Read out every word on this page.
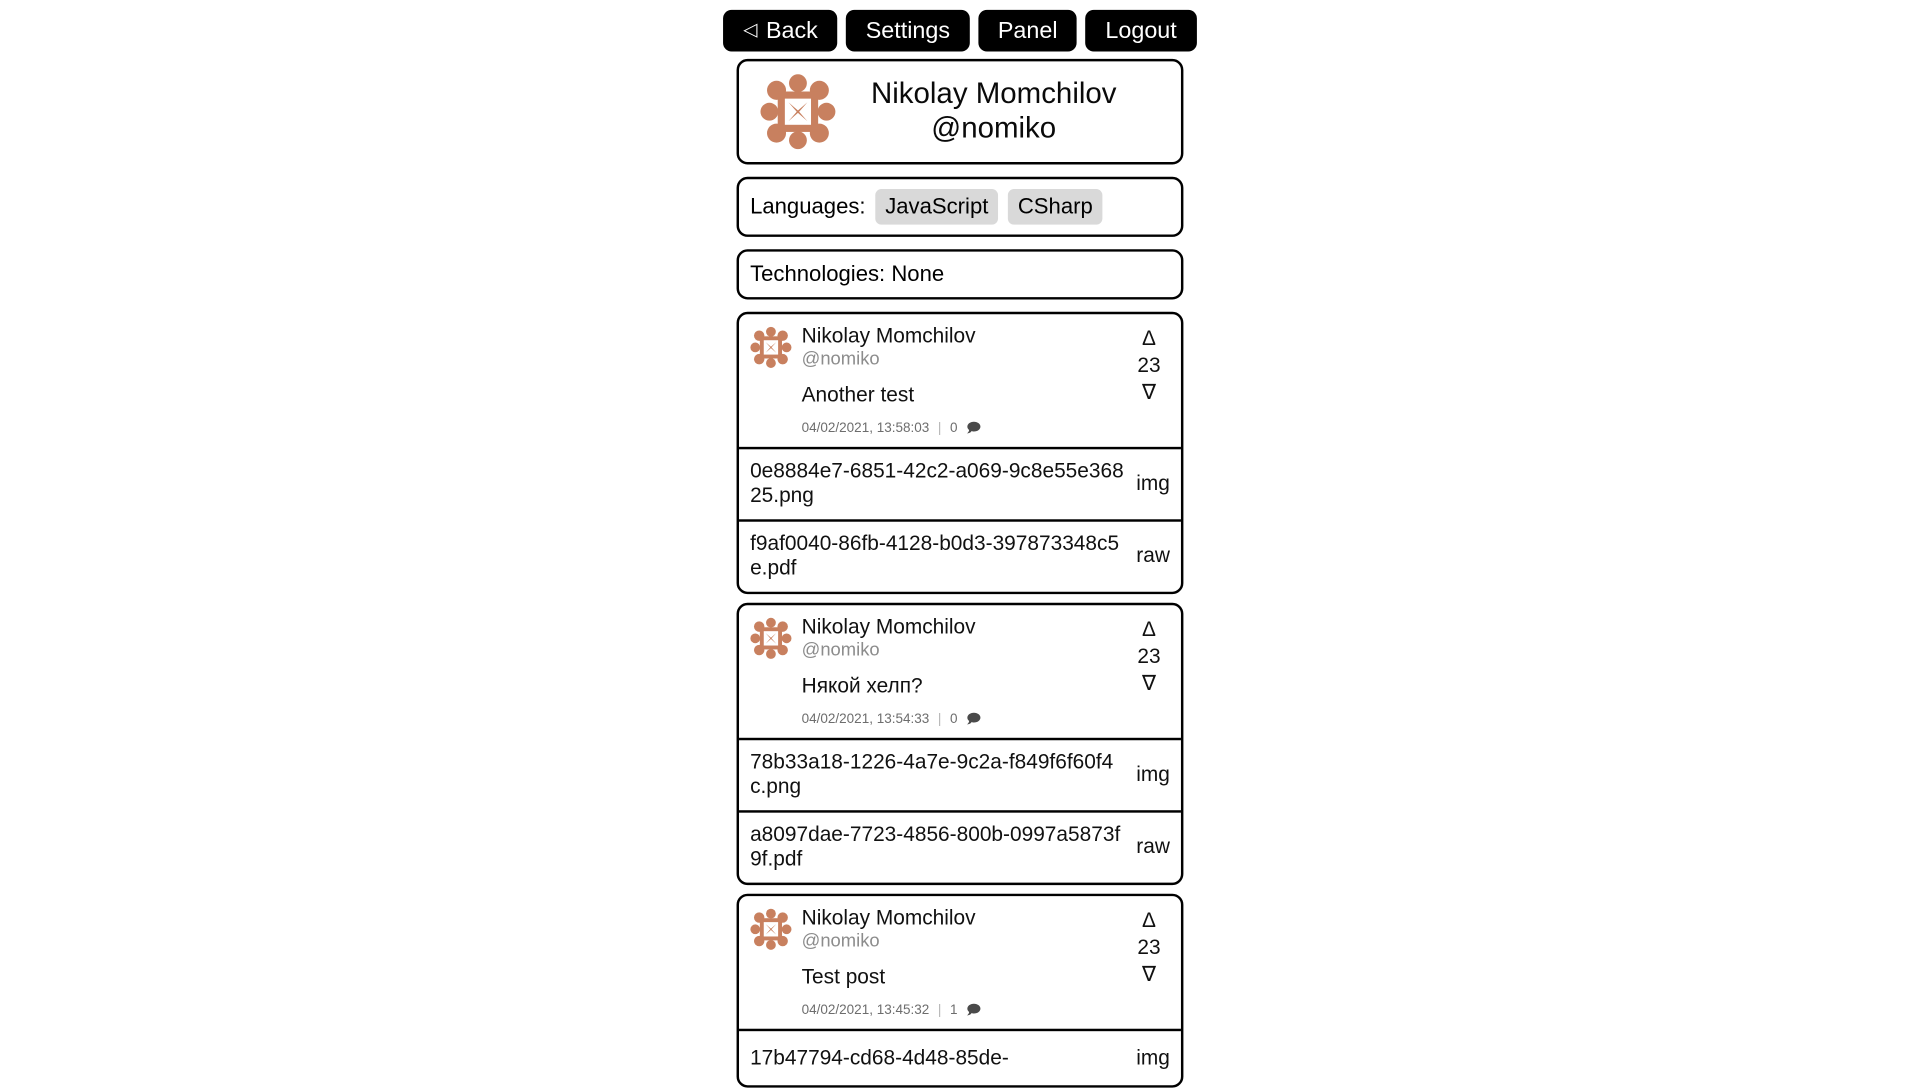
◁ Back	Settings	Panel	Logout
Nikolay Momchilov
@nomiko
Languages:	JavaScript	CSharp
Technologies: None
Nikolay Momchilov
@nomiko
Another test
04/02/2021, 13:58:03 | 0 🗩
Δ
23
∇
0e8884e7-6851-42c2-a069-9c8e55e36825.png
img
f9af0040-86fb-4128-b0d3-397873348c5e.pdf
raw
Nikolay Momchilov
@nomiko
Някой хелп?
04/02/2021, 13:54:33 | 0 🗩
Δ
23
∇
78b33a18-1226-4a7e-9c2a-f849f6f60f4c.png
img
a8097dae-7723-4856-800b-0997a5873f9f.pdf
raw
Nikolay Momchilov
@nomiko
Test post
04/02/2021, 13:45:32 | 1 🗩
Δ
23
∇
17b47794-cd68-4d48-85de-	img
